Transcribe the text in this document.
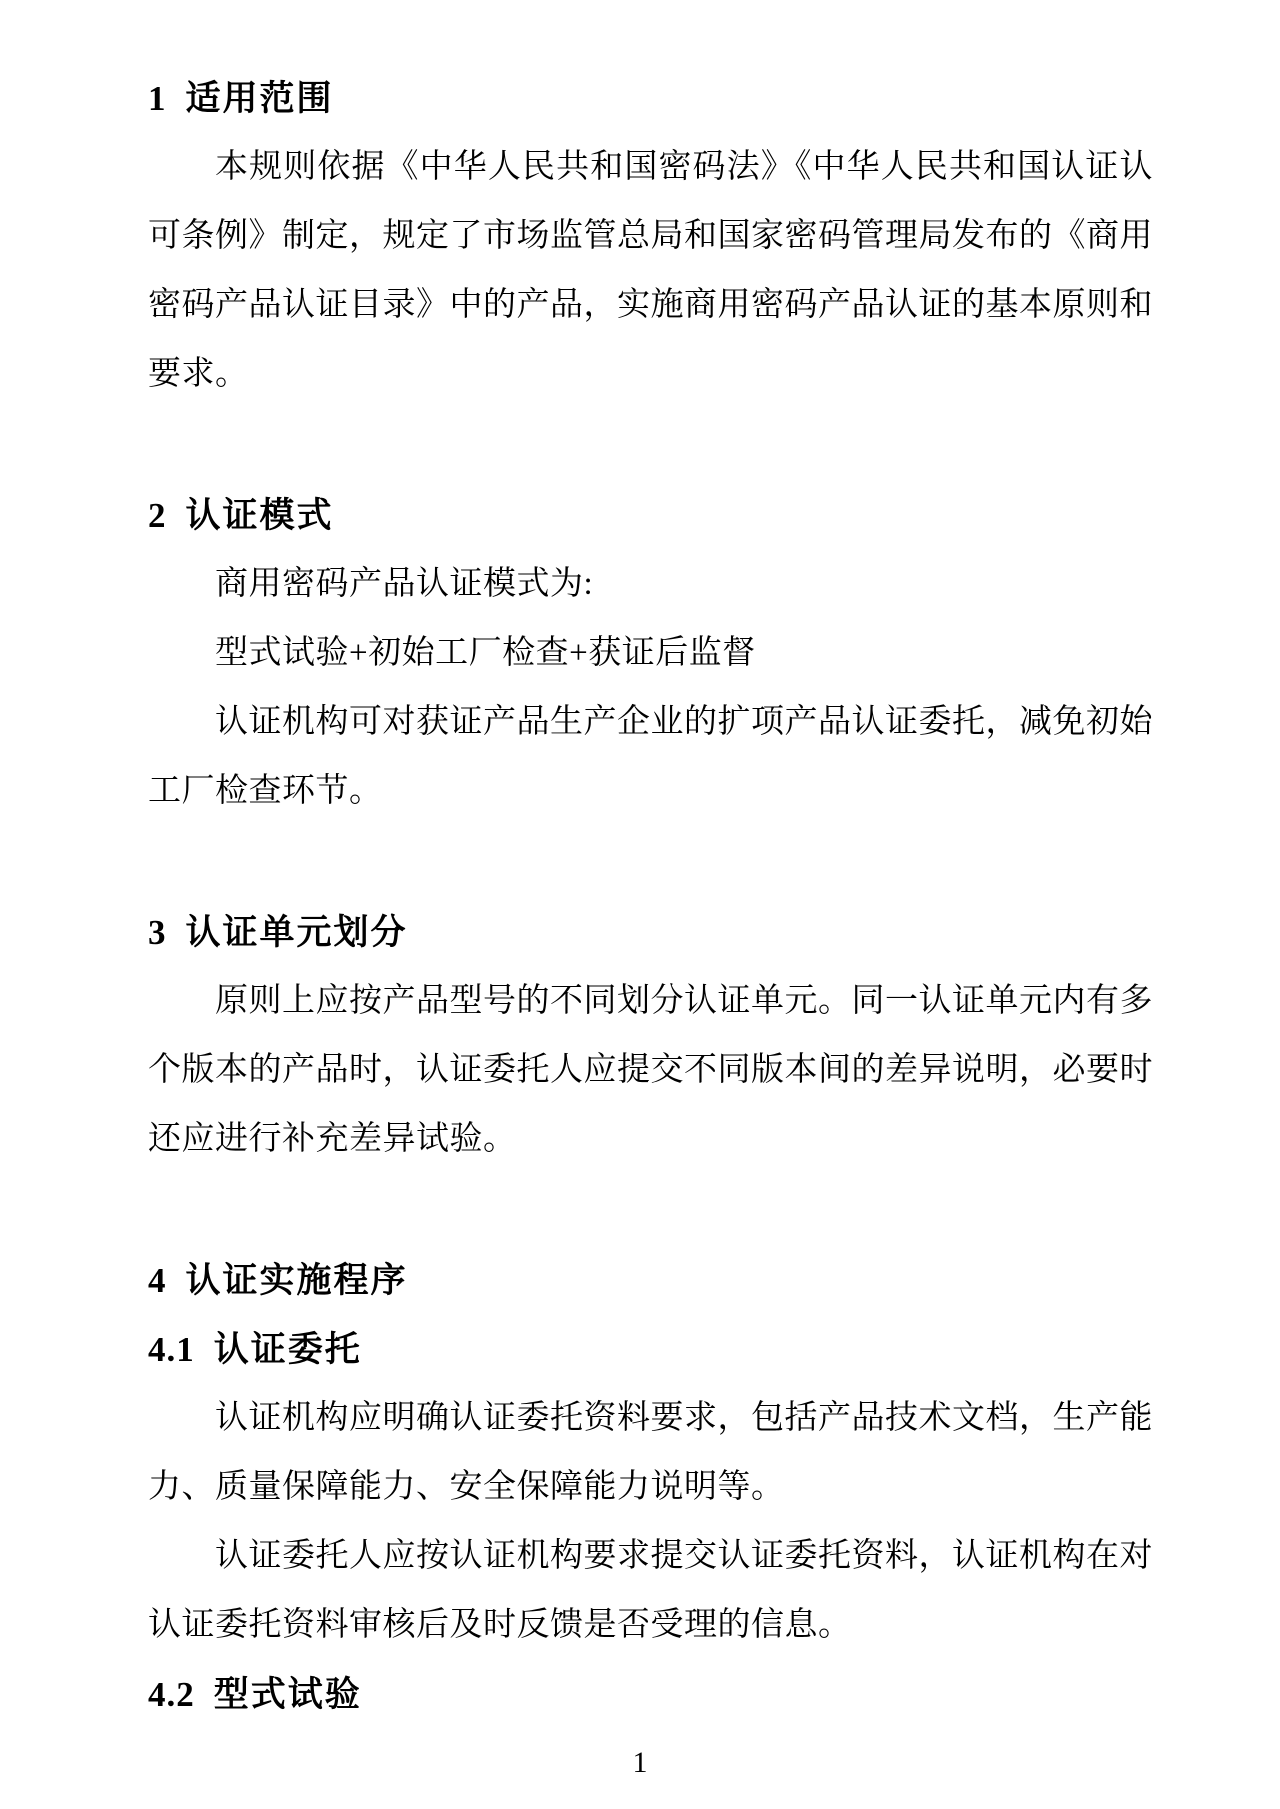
1 适用范围
本规则依据《中华人民共和国密码法》《中华人民共和国认证认
可条例》制定，规定了市场监管总局和国家密码管理局发布的《商用
密码产品认证目录》中的产品，实施商用密码产品认证的基本原则和
要求。
2 认证模式
商用密码产品认证模式为:
型式试验+初始工厂检查+获证后监督
认证机构可对获证产品生产企业的扩项产品认证委托，减免初始
工厂检查环节。
3 认证单元划分
原则上应按产品型号的不同划分认证单元。同一认证单元内有多
个版本的产品时，认证委托人应提交不同版本间的差异说明，必要时
还应进行补充差异试验。
4 认证实施程序
4.1 认证委托
认证机构应明确认证委托资料要求，包括产品技术文档，生产能
力、质量保障能力、安全保障能力说明等。
认证委托人应按认证机构要求提交认证委托资料，认证机构在对
认证委托资料审核后及时反馈是否受理的信息。
4.2 型式试验
1
